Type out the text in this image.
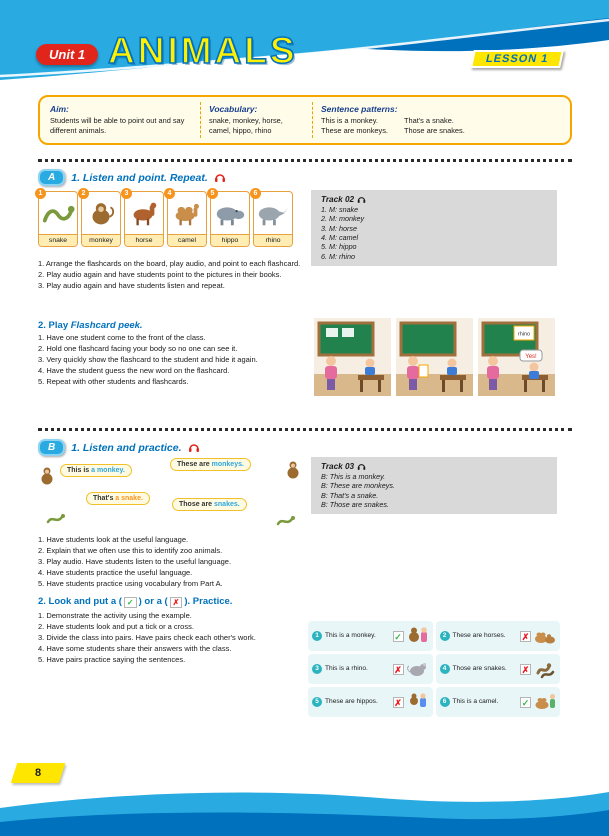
Unit 1 ANIMALS	LESSON 1
Aim:
Students will be able to point out and say different animals.
Vocabulary:
snake, monkey, horse, camel, hippo, rhino
Sentence patterns:
This is a monkey.
These are monkeys.
That's a snake.
Those are snakes.
A	1. Listen and point. Repeat.
1
snake
2
monkey
3
horse
4
camel
5
hippo
6
rhino
Track 02
1. M: snake
2. M: monkey
3. M: horse
4. M: camel
5. M: hippo
6. M: rhino
1. Arrange the flashcards on the board, play audio, and point to each flashcard.
2. Play audio again and have students point to the pictures in their books.
3. Play audio again and have students listen and repeat.
2. Play Flashcard peek.
1. Have one student come to the front of the class.
2. Hold one flashcard facing your body so no one can see it.
3. Very quickly show the flashcard to the student and hide it again.
4. Have the student guess the new word on the flashcard.
5. Repeat with other students and flashcards.
rhino
Yes!
B	1. Listen and practice.
This is a monkey.
These are monkeys.
That's a snake.
Those are snakes.
Track 03
B: This is a monkey.
B: These are monkeys.
B: That's a snake.
B: Those are snakes.
1. Have students look at the useful language.
2. Explain that we often use this to identify zoo animals.
3. Play audio. Have students listen to the useful language.
4. Have students practice the useful language.
5. Have students practice using vocabulary from Part A.
2. Look and put a ( ✓ ) or a ( ✗ ). Practice.
1. Demonstrate the activity using the example.
2. Have students look and put a tick or a cross.
3. Divide the class into pairs. Have pairs check each other's work.
4. Have some students share their answers with the class.
5. Have pairs practice saying the sentences.
1 This is a monkey.	✓	2 These are horses.	✗
3 This is a rhino.	✗	4 Those are snakes.	✗
5 These are hippos.	✗	6 This is a camel.	✓
8
